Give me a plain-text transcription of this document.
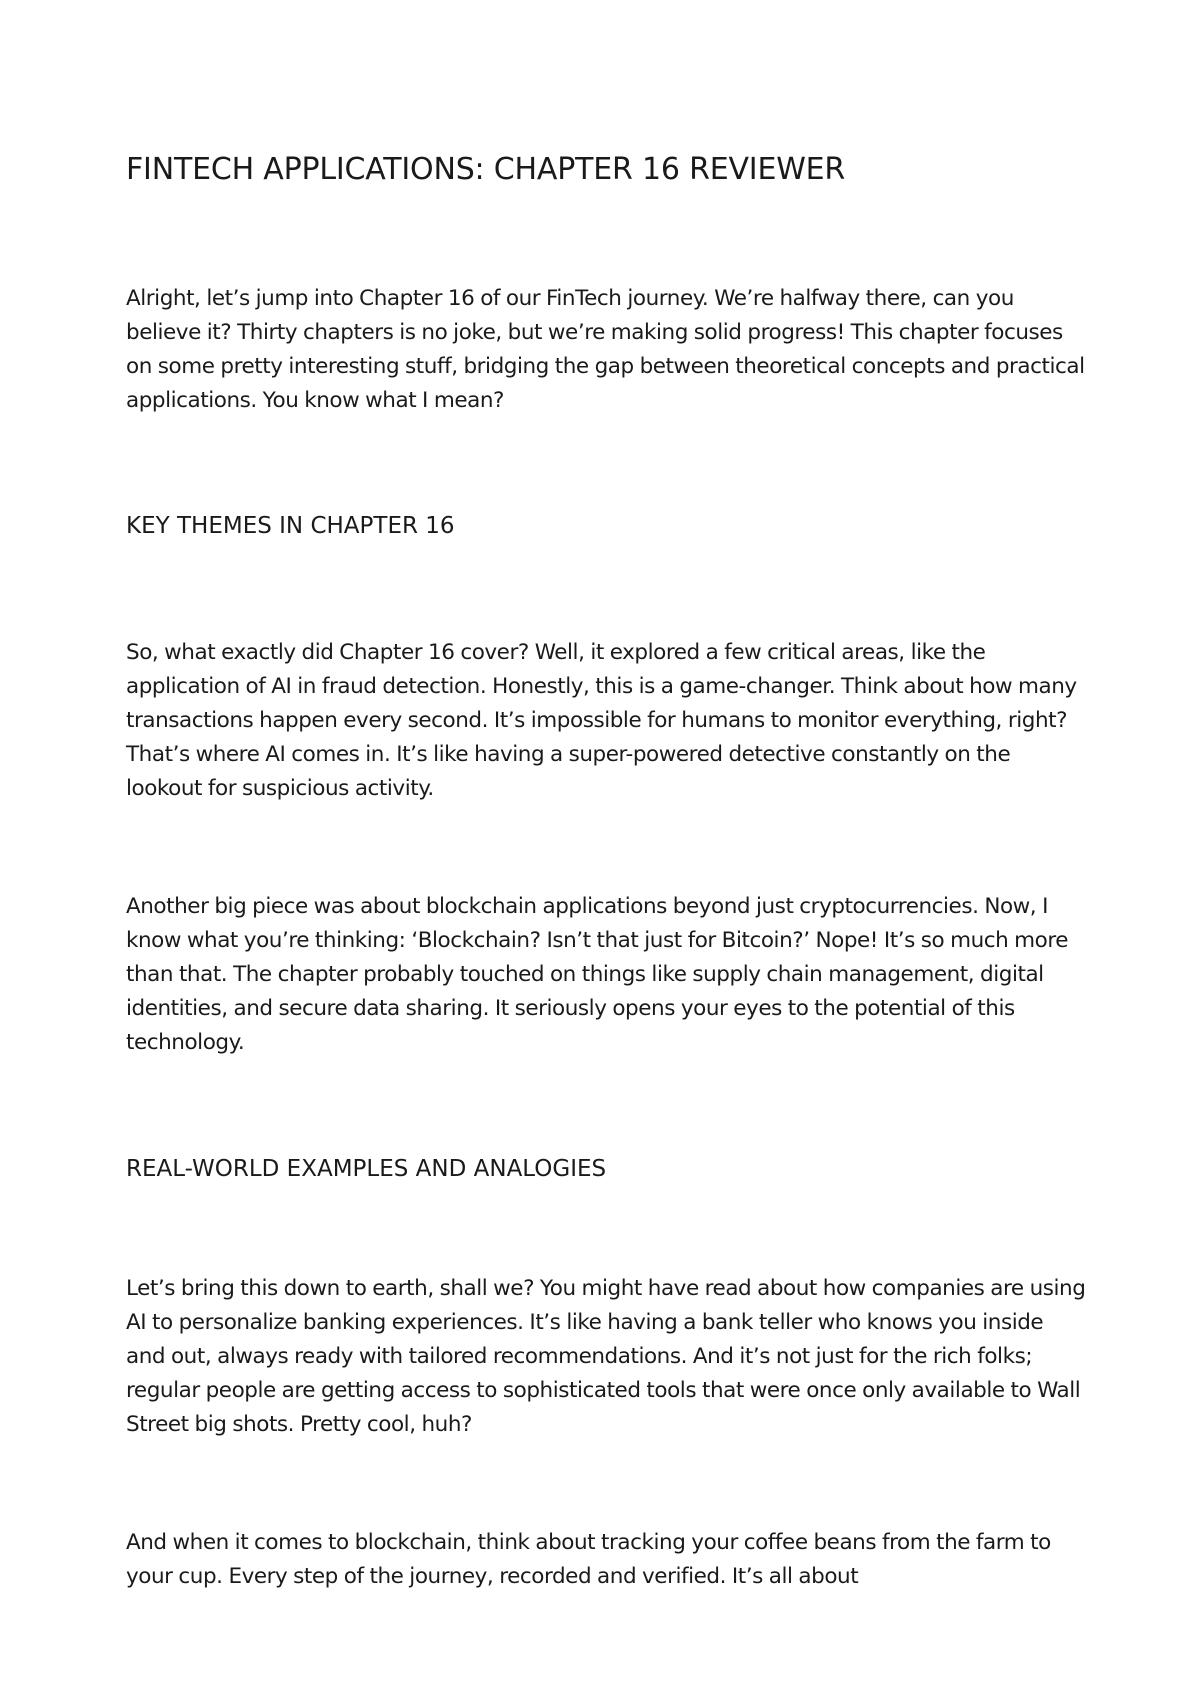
FINTECH APPLICATIONS: CHAPTER 16 REVIEWER

Alright, let’s jump into Chapter 16 of our FinTech journey. We’re halfway there, can you believe it? Thirty chapters is no joke, but we’re making solid progress! This chapter focuses on some pretty interesting stuff, bridging the gap between theoretical concepts and practical applications. You know what I mean?

KEY THEMES IN CHAPTER 16

So, what exactly did Chapter 16 cover? Well, it explored a few critical areas, like the application of AI in fraud detection. Honestly, this is a game-changer. Think about how many transactions happen every second. It’s impossible for humans to monitor everything, right? That’s where AI comes in. It’s like having a super-powered detective constantly on the lookout for suspicious activity.

Another big piece was about blockchain applications beyond just cryptocurrencies. Now, I know what you’re thinking: ‘Blockchain? Isn’t that just for Bitcoin?’ Nope! It’s so much more than that. The chapter probably touched on things like supply chain management, digital identities, and secure data sharing. It seriously opens your eyes to the potential of this technology.

REAL-WORLD EXAMPLES AND ANALOGIES

Let’s bring this down to earth, shall we? You might have read about how companies are using AI to personalize banking experiences. It’s like having a bank teller who knows you inside and out, always ready with tailored recommendations. And it’s not just for the rich folks; regular people are getting access to sophisticated tools that were once only available to Wall Street big shots. Pretty cool, huh?

And when it comes to blockchain, think about tracking your coffee beans from the farm to your cup. Every step of the journey, recorded and verified. It’s all about
